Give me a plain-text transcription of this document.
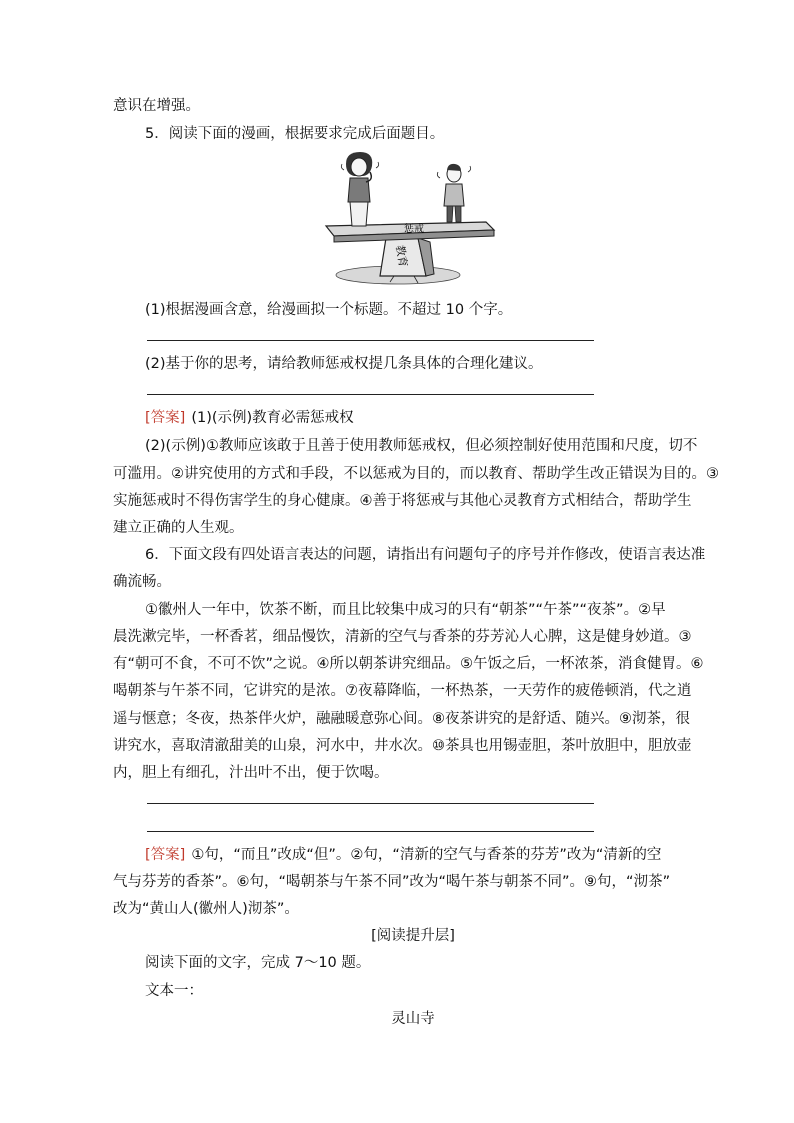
意识在增强。
5．阅读下面的漫画，根据要求完成后面题目。
教育
惩戒
(1)根据漫画含意，给漫画拟一个标题。不超过 10 个字。
(2)基于你的思考，请给教师惩戒权提几条具体的合理化建议。
[答案] (1)(示例)教育必需惩戒权
(2)(示例)①教师应该敢于且善于使用教师惩戒权，但必须控制好使用范围和尺度，切不
可滥用。②讲究使用的方式和手段，不以惩戒为目的，而以教育、帮助学生改正错误为目的。③
实施惩戒时不得伤害学生的身心健康。④善于将惩戒与其他心灵教育方式相结合，帮助学生
建立正确的人生观。
6．下面文段有四处语言表达的问题，请指出有问题句子的序号并作修改，使语言表达准
确流畅。
①徽州人一年中，饮茶不断，而且比较集中成习的只有“朝茶”“午茶”“夜茶”。②早
晨洗漱完毕，一杯香茗，细品慢饮，清新的空气与香茶的芬芳沁人心脾，这是健身妙道。③
有“朝可不食，不可不饮”之说。④所以朝茶讲究细品。⑤午饭之后，一杯浓茶，消食健胃。⑥
喝朝茶与午茶不同，它讲究的是浓。⑦夜幕降临，一杯热茶，一天劳作的疲倦顿消，代之逍
遥与惬意；冬夜，热茶伴火炉，融融暖意弥心间。⑧夜茶讲究的是舒适、随兴。⑨沏茶，很
讲究水，喜取清澈甜美的山泉，河水中，井水次。⑩茶具也用锡壶胆，茶叶放胆中，胆放壶
内，胆上有细孔，汁出叶不出，便于饮喝。
[答案] ①句，“而且”改成“但”。②句，“清新的空气与香茶的芬芳”改为“清新的空
气与芬芳的香茶”。⑥句，“喝朝茶与午茶不同”改为“喝午茶与朝茶不同”。⑨句，“沏茶”
改为“黄山人(徽州人)沏茶”。
[阅读提升层]
阅读下面的文字，完成 7～10 题。
文本一：
灵山寺
